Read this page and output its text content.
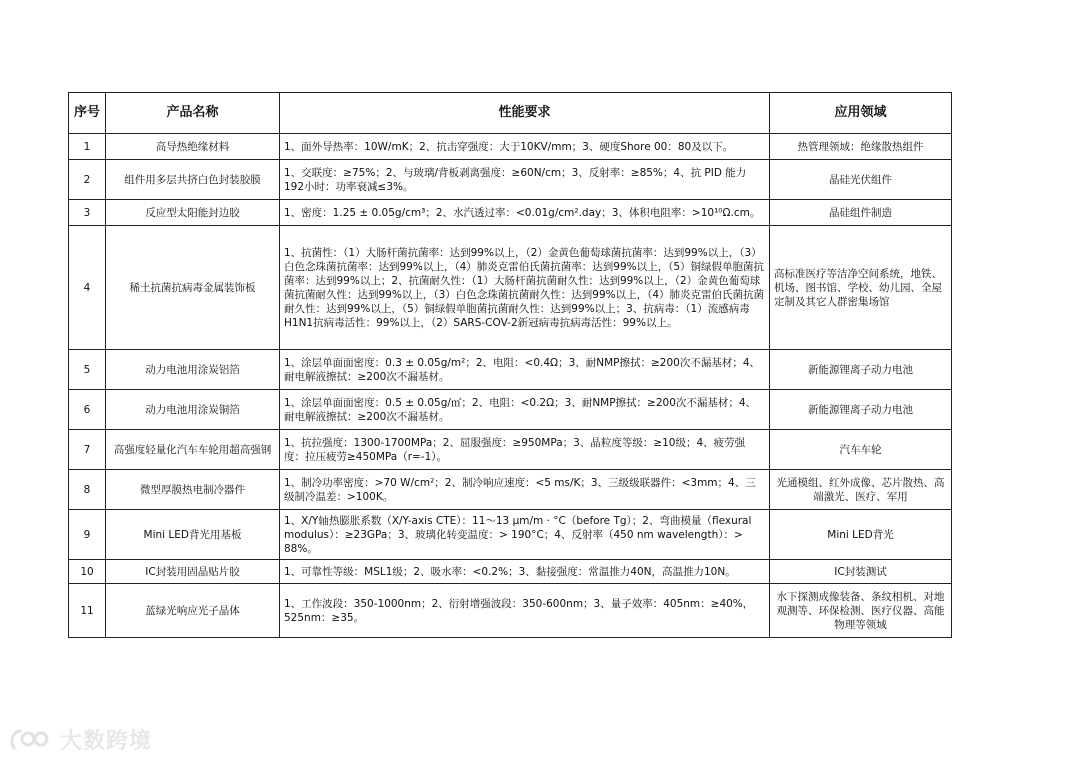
序号	产品名称	性能要求	应用领域
1	高导热绝缘材料	1、面外导热率：10W/mK；2、抗击穿强度：大于10KV/mm；3、硬度Shore 00：80及以下。	热管理领域：绝缘散热组件
2	组件用多层共挤白色封装胶膜	1、交联度：≥75%；2、与玻璃/背板剥离强度：≥60N/cm；3、反射率：≥85%；4、抗 PID 能力 192小时：功率衰减≤3%。	晶硅光伏组件
3	反应型太阳能封边胶	1、密度：1.25 ± 0.05g/cm³；2、水汽透过率：<0.01g/cm².day；3、体积电阻率：>10¹⁰Ω.cm。	晶硅组件制造
4	稀土抗菌抗病毒金属装饰板	1、抗菌性：（1）大肠杆菌抗菌率：达到99%以上，（2）金黄色葡萄球菌抗菌率：达到99%以上，（3）白色念珠菌抗菌率：达到99%以上，（4）肺炎克雷伯氏菌抗菌率：达到99%以上，（5）铜绿假单胞菌抗菌率：达到99%以上；2、抗菌耐久性：（1）大肠杆菌抗菌耐久性：达到99%以上，（2）金黄色葡萄球菌抗菌耐久性：达到99%以上，（3）白色念珠菌抗菌耐久性：达到99%以上，（4）肺炎克雷伯氏菌抗菌耐久性：达到99%以上，（5）铜绿假单胞菌抗菌耐久性：达到99%以上；3、抗病毒：（1）流感病毒H1N1抗病毒活性：99%以上，（2）SARS-COV-2新冠病毒抗病毒活性：99%以上。	高标准医疗等洁净空间系统，地铁、机场、图书馆、学校、幼儿园、全屋定制及其它人群密集场馆
5	动力电池用涂炭铝箔	1、涂层单面面密度：0.3 ± 0.05g/m²；2、电阻：<0.4Ω；3、耐NMP擦拭：≥200次不漏基材；4、耐电解液擦拭：≥200次不漏基材。	新能源锂离子动力电池
6	动力电池用涂炭铜箔	1、涂层单面面密度：0.5 ± 0.05g/㎡；2、电阻：<0.2Ω；3、耐NMP擦拭：≥200次不漏基材；4、耐电解液擦拭：≥200次不漏基材。	新能源锂离子动力电池
7	高强度轻量化汽车车轮用超高强钢	1、抗拉强度：1300-1700MPa；2、屈服强度：≥950MPa；3、晶粒度等级：≥10级；4、疲劳强度：拉压疲劳≥450MPa（r=-1）。	汽车车轮
8	微型厚膜热电制冷器件	1、制冷功率密度：>70 W/cm²；2、制冷响应速度：<5 ms/K；3、三级级联器件：<3mm；4、三级制冷温差：>100K。	光通模组、红外成像、芯片散热、高端激光、医疗、军用
9	Mini LED背光用基板	1、X/Y轴热膨胀系数（X/Y-axis CTE）：11～13 μm/m · °C（before Tg）；2、弯曲模量（flexural modulus）：≥23GPa；3、玻璃化转变温度：> 190°C；4、反射率（450 nm wavelength）：> 88%。	Mini LED背光
10	IC封装用固晶贴片胶	1、可靠性等级：MSL1级；2、吸水率：<0.2%；3、黏接强度：常温推力40N，高温推力10N。	IC封装测试
11	蓝绿光响应光子晶体	1、工作波段：350-1000nm；2、衍射增强波段：350-600nm；3、量子效率：405nm：≥40%，525nm：≥35。	水下探测成像装备、条纹相机、对地观测等、环保检测、医疗仪器、高能物理等领域
大数跨境
